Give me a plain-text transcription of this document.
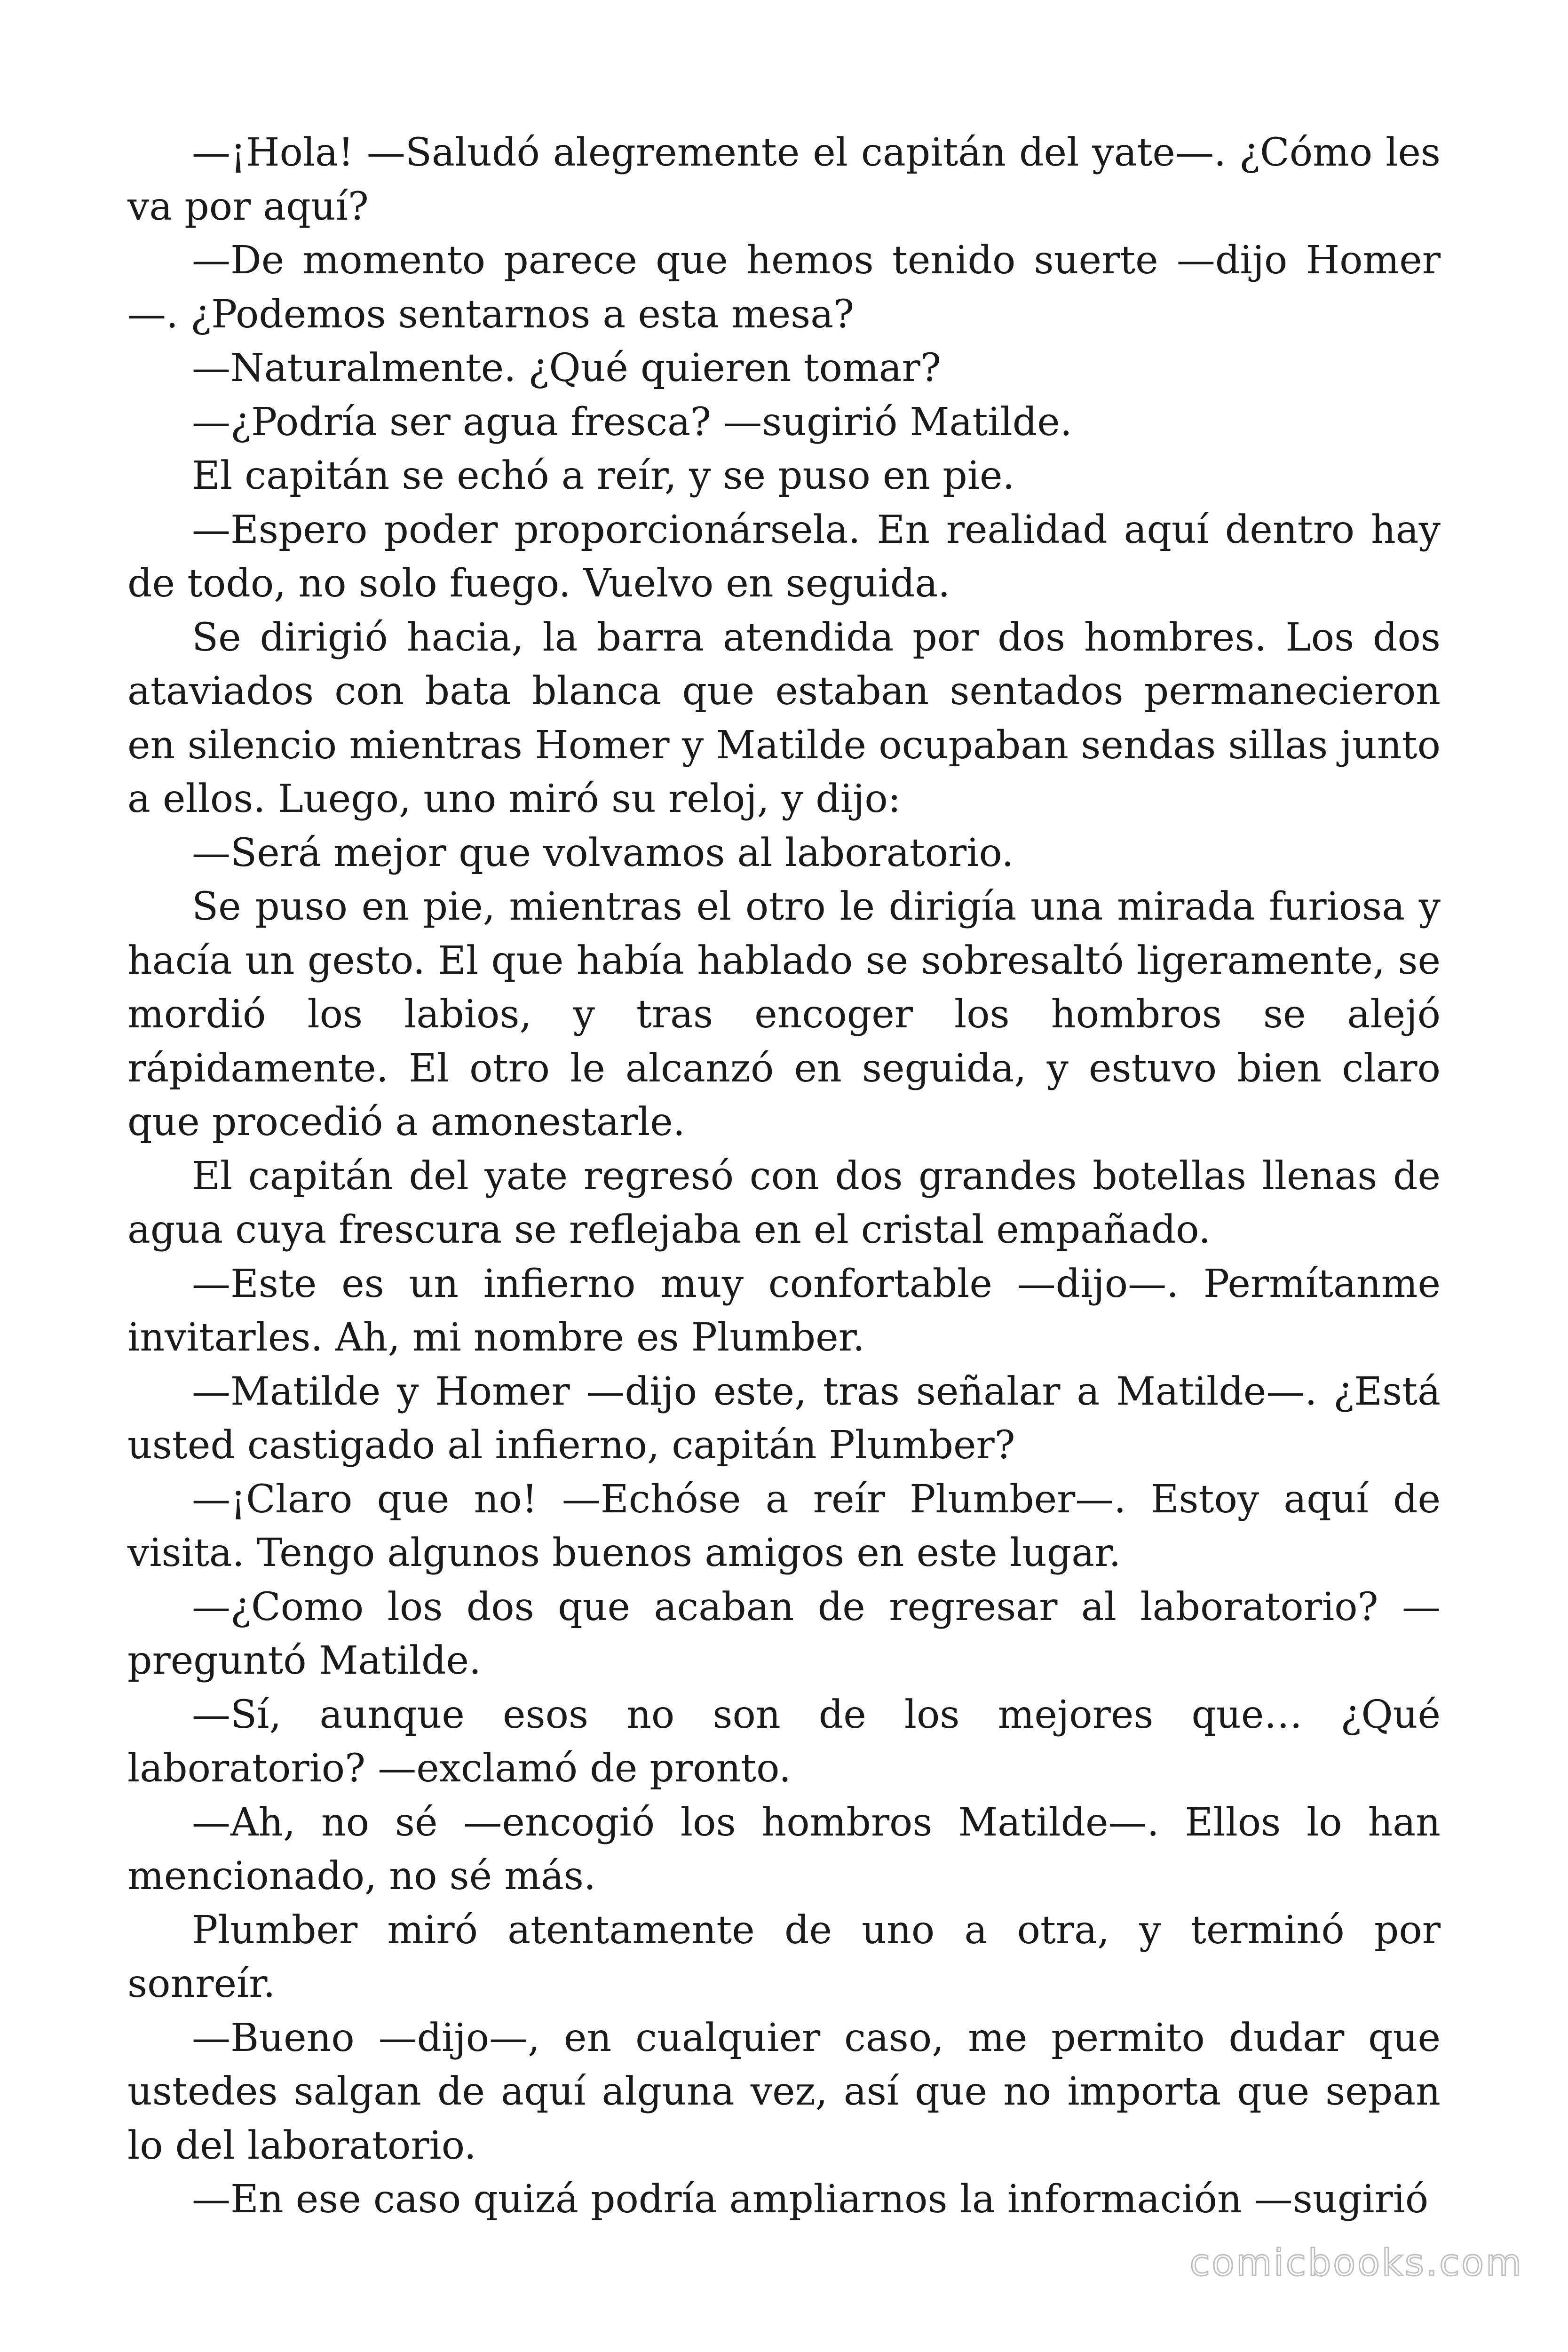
—¡Hola! —Saludó alegremente el capitán del yate—. ¿Cómo les va por aquí?

—De momento parece que hemos tenido suerte —dijo Homer—. ¿Podemos sentarnos a esta mesa?

—Naturalmente. ¿Qué quieren tomar?

—¿Podría ser agua fresca? —sugirió Matilde.

El capitán se echó a reír, y se puso en pie.

—Espero poder proporcionársela. En realidad aquí dentro hay de todo, no solo fuego. Vuelvo en seguida.

Se dirigió hacia, la barra atendida por dos hombres. Los dos ataviados con bata blanca que estaban sentados permanecieron en silencio mientras Homer y Matilde ocupaban sendas sillas junto a ellos. Luego, uno miró su reloj, y dijo:

—Será mejor que volvamos al laboratorio.

Se puso en pie, mientras el otro le dirigía una mirada furiosa y hacía un gesto. El que había hablado se sobresaltó ligeramente, se mordió los labios, y tras encoger los hombros se alejó rápidamente. El otro le alcanzó en seguida, y estuvo bien claro que procedió a amonestarle.

El capitán del yate regresó con dos grandes botellas llenas de agua cuya frescura se reflejaba en el cristal empañado.

—Este es un infierno muy confortable —dijo—. Permítanme invitarles. Ah, mi nombre es Plumber.

—Matilde y Homer —dijo este, tras señalar a Matilde—. ¿Está usted castigado al infierno, capitán Plumber?

—¡Claro que no! —Echóse a reír Plumber—. Estoy aquí de visita. Tengo algunos buenos amigos en este lugar.

—¿Como los dos que acaban de regresar al laboratorio? —preguntó Matilde.

—Sí, aunque esos no son de los mejores que… ¿Qué laboratorio? —exclamó de pronto.

—Ah, no sé —encogió los hombros Matilde—. Ellos lo han mencionado, no sé más.

Plumber miró atentamente de uno a otra, y terminó por sonreír.

—Bueno —dijo—, en cualquier caso, me permito dudar que ustedes salgan de aquí alguna vez, así que no importa que sepan lo del laboratorio.

—En ese caso quizá podría ampliarnos la información —sugirió

comicbooks.com
